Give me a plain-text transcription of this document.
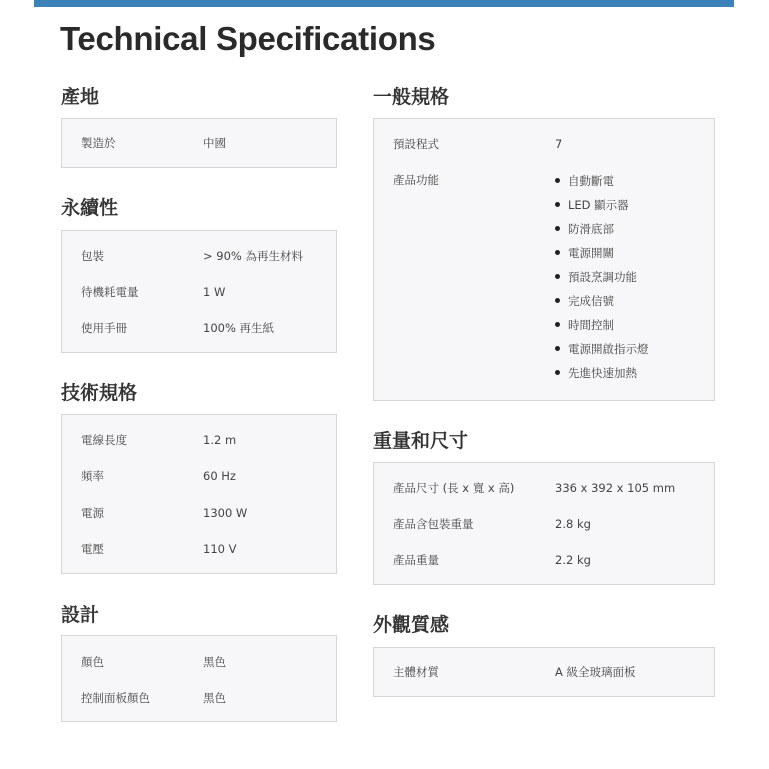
Technical Specifications
產地
製造於	中國
永續性
包裝	> 90% 為再生材料
待機耗電量	1 W
使用手冊	100% 再生紙
技術規格
電線長度	1.2 m
頻率	60 Hz
電源	1300 W
電壓	110 V
設計
顏色	黑色
控制面板顏色	黑色
一般規格
預設程式	7
產品功能	自動斷電
LED 顯示器
防滑底部
電源開關
預設烹調功能
完成信號
時間控制
電源開啟指示燈
先進快速加熱
重量和尺寸
產品尺寸 (長 x 寬 x 高)	336 x 392 x 105 mm
產品含包裝重量	2.8 kg
產品重量	2.2 kg
外觀質感
主體材質	A 級全玻璃面板
